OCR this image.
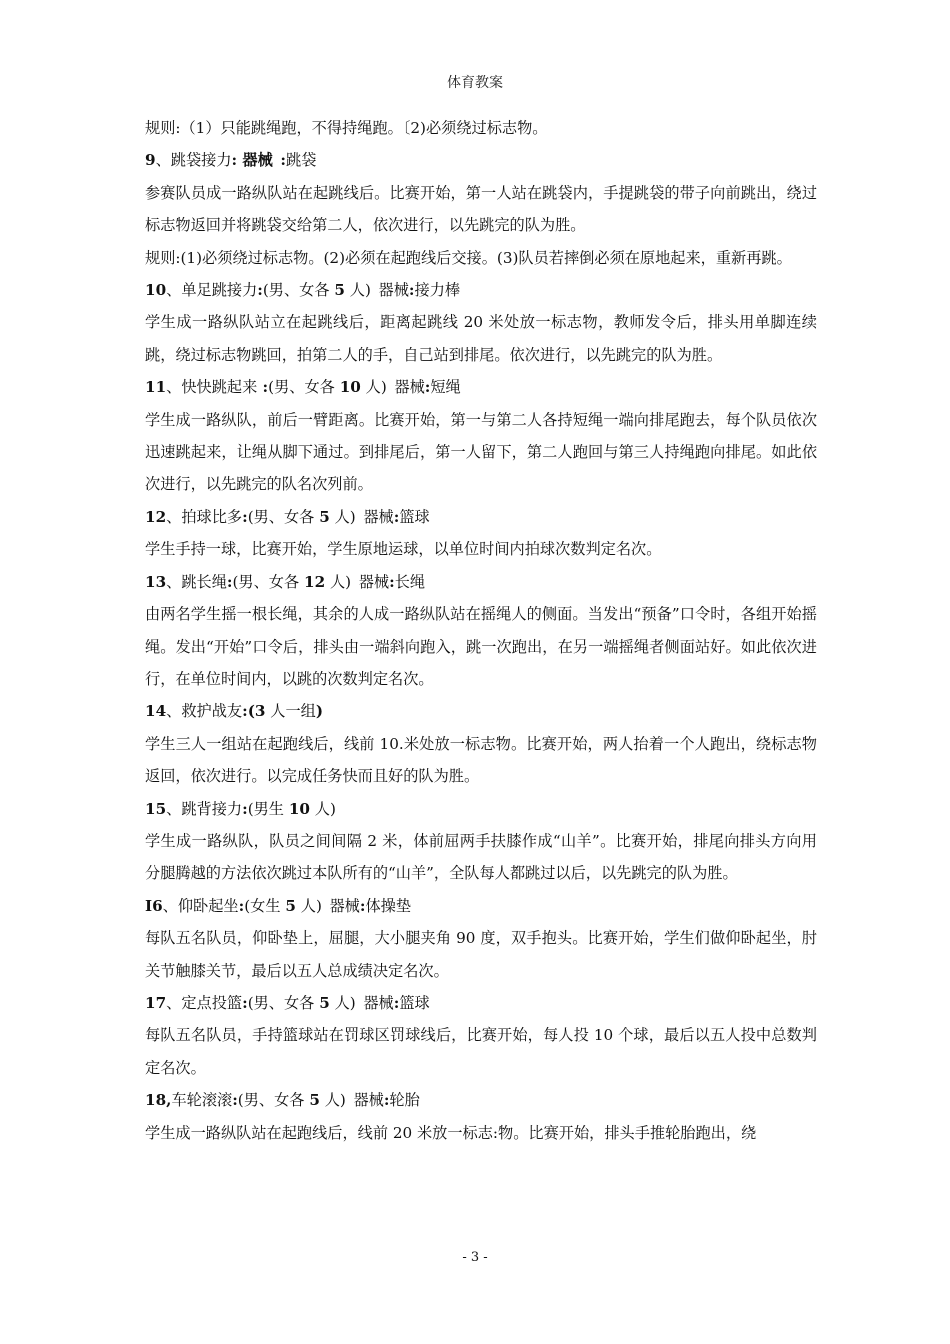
体育教案

规则:（1）只能跳绳跑，不得持绳跑。〔2)必须绕过标志物。

9、跳袋接力: 器械  :跳袋

参赛队员成一路纵队站在起跳线后。比赛开始，第一人站在跳袋内，手提跳袋的带子向前跳出，绕过标志物返回并将跳袋交给第二人，依次进行，以先跳完的队为胜。

规则:(1)必须绕过标志物。(2)必须在起跑线后交接。(3)队员若摔倒必须在原地起来，重新再跳。

10、单足跳接力:(男、女各 5 人)  器械:接力棒

学生成一路纵队站立在起跳线后，距离起跳线 20 米处放一标志物，教师发令后，排头用单脚连续跳，绕过标志物跳回，拍第二人的手，自己站到排尾。依次进行，以先跳完的队为胜。

11、快快跳起来 :(男、女各 10 人)  器械:短绳

学生成一路纵队，前后一臂距离。比赛开始，第一与第二人各持短绳一端向排尾跑去，每个队员依次迅速跳起来，让绳从脚下通过。到排尾后，第一人留下，第二人跑回与第三人持绳跑向排尾。如此依次进行，以先跳完的队名次列前。

12、拍球比多:(男、女各 5 人)  器械:篮球

学生手持一球，比赛开始，学生原地运球，以单位时间内拍球次数判定名次。

13、跳长绳:(男、女各 12 人)  器械:长绳

由两名学生摇一根长绳，其余的人成一路纵队站在摇绳人的侧面。当发出“预备”口令时，各组开始摇绳。发出“开始”口令后，排头由一端斜向跑入，跳一次跑出，在另一端摇绳者侧面站好。如此依次进行，在单位时间内，以跳的次数判定名次。

14、救护战友:(3 人一组)

学生三人一组站在起跑线后，线前 10.米处放一标志物。比赛开始，两人抬着一个人跑出，绕标志物返回，依次进行。以完成任务快而且好的队为胜。

15、跳背接力:(男生 10 人)

学生成一路纵队，队员之间间隔 2 米，体前屈两手扶膝作成“山羊”。比赛开始，排尾向排头方向用分腿腾越的方法依次跳过本队所有的“山羊”，全队每人都跳过以后，以先跳完的队为胜。

I6、仰卧起坐:(女生 5 人)  器械:体操垫

每队五名队员，仰卧垫上，屈腿，大小腿夹角 90 度，双手抱头。比赛开始，学生们做仰卧起坐，肘关节触膝关节，最后以五人总成绩决定名次。

17、定点投篮:(男、女各 5 人)  器械:篮球

每队五名队员，手持篮球站在罚球区罚球线后，比赛开始，每人投 10 个球，最后以五人投中总数判定名次。

18,车轮滚滚:(男、女各 5 人)  器械:轮胎

学生成一路纵队站在起跑线后，线前 20 米放一标志:物。比赛开始，排头手推轮胎跑出，绕

- 3 -
